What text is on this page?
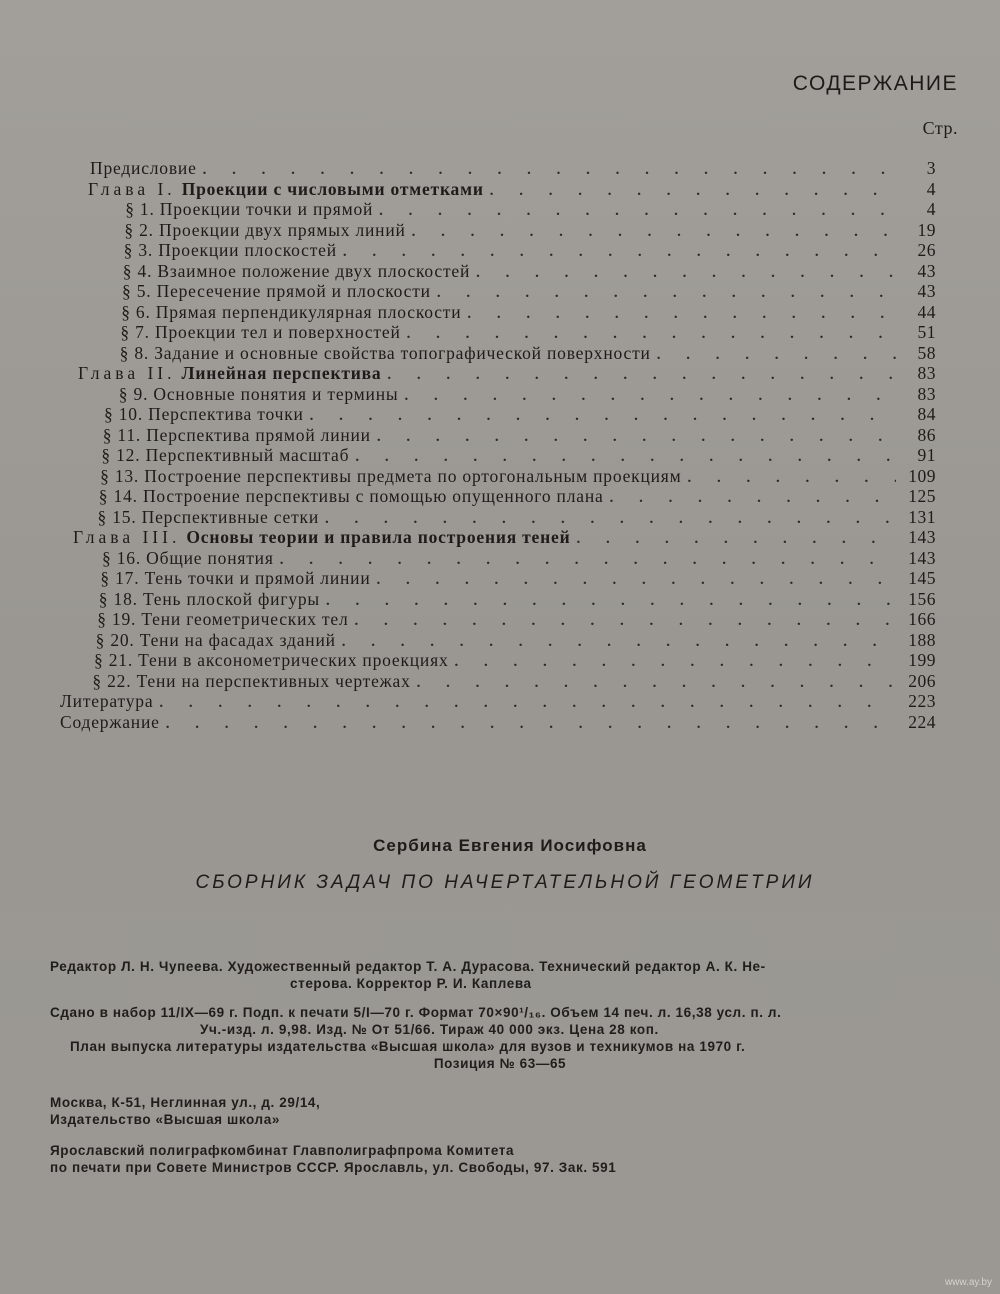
СОДЕРЖАНИЕ
Стр.
Предисловие . . .	3
Глава I. Проекции с числовыми отметками . . .	4
§ 1. Проекции точки и прямой . . .	4
§ 2. Проекции двух прямых линий . . .	19
§ 3. Проекции плоскостей . . .	26
§ 4. Взаимное положение двух плоскостей . . .	43
§ 5. Пересечение прямой и плоскости . . .	43
§ 6. Прямая перпендикулярная плоскости . . .	44
§ 7. Проекции тел и поверхностей . . .	51
§ 8. Задание и основные свойства топографической поверхности . . .	58
Глава II. Линейная перспектива . . .	83
§ 9. Основные понятия и термины . . .	83
§ 10. Перспектива точки . . .	84
§ 11. Перспектива прямой линии . . .	86
§ 12. Перспективный масштаб . . .	91
§ 13. Построение перспективы предмета по ортогональным проекциям . . .	109
§ 14. Построение перспективы с помощью опущенного плана . . .	125
§ 15. Перспективные сетки . . .	131
Глава III. Основы теории и правила построения теней . . .	143
§ 16. Общие понятия . . .	143
§ 17. Тень точки и прямой линии . . .	145
§ 18. Тень плоской фигуры . . .	156
§ 19. Тени геометрических тел . . .	166
§ 20. Тени на фасадах зданий . . .	188
§ 21. Тени в аксонометрических проекциях . . .	199
§ 22. Тени на перспективных чертежах . . .	206
Литература . . .	223
Содержание . . .	224
Сербина Евгения Иосифовна
СБОРНИК ЗАДАЧ ПО НАЧЕРТАТЕЛЬНОЙ ГЕОМЕТРИИ

Редактор Л. Н. Чупеева. Художественный редактор Т. А. Дурасова. Технический редактор А. К. Не-

стерова. Корректор Р. И. Каплева

Сдано в набор 11/IX—69 г. Подп. к печати 5/I—70 г. Формат 70×90¹/₁₆. Объем 14 печ. л. 16,38 усл. п. л.

Уч.-изд. л. 9,98. Изд. № От 51/66. Тираж 40 000 экз. Цена 28 коп.

План выпуска литературы издательства «Высшая школа» для вузов и техникумов на 1970 г.

Позиция № 63—65

Москва, К-51, Неглинная ул., д. 29/14,

Издательство «Высшая школа»

Ярославский полиграфкомбинат Главполиграфпрома Комитета

по печати при Совете Министров СССР. Ярославль, ул. Свободы, 97. Зак. 591

www.ay.by
